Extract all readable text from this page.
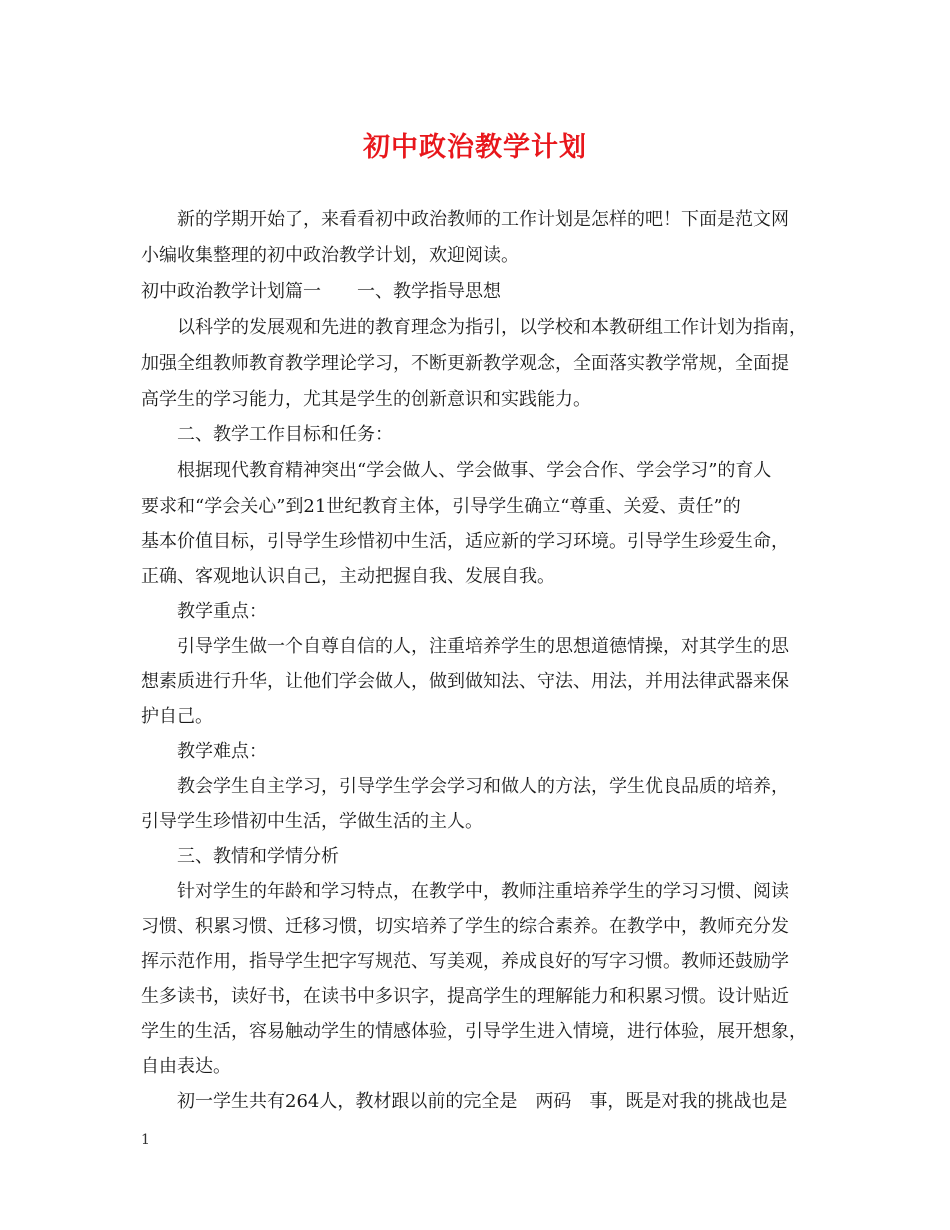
初中政治教学计划
新的学期开始了，来看看初中政治教师的工作计划是怎样的吧！下面是范文网
小编收集整理的初中政治教学计划，欢迎阅读。
初中政治教学计划篇一　　一、教学指导思想
以科学的发展观和先进的教育理念为指引，以学校和本教研组工作计划为指南，
加强全组教师教育教学理论学习，不断更新教学观念，全面落实教学常规，全面提
高学生的学习能力，尤其是学生的创新意识和实践能力。
二、教学工作目标和任务：
根据现代教育精神突出“学会做人、学会做事、学会合作、学会学习”的育人
要求和“学会关心”到21世纪教育主体，引导学生确立“尊重、关爱、责任”的
基本价值目标，引导学生珍惜初中生活，适应新的学习环境。引导学生珍爱生命，
正确、客观地认识自己，主动把握自我、发展自我。
教学重点：
引导学生做一个自尊自信的人，注重培养学生的思想道德情操，对其学生的思
想素质进行升华，让他们学会做人，做到做知法、守法、用法，并用法律武器来保
护自己。
教学难点：
教会学生自主学习，引导学生学会学习和做人的方法，学生优良品质的培养，
引导学生珍惜初中生活，学做生活的主人。
三、教情和学情分析
针对学生的年龄和学习特点，在教学中，教师注重培养学生的学习习惯、阅读
习惯、积累习惯、迁移习惯，切实培养了学生的综合素养。在教学中，教师充分发
挥示范作用，指导学生把字写规范、写美观，养成良好的写字习惯。教师还鼓励学
生多读书，读好书，在读书中多识字，提高学生的理解能力和积累习惯。设计贴近
学生的生活，容易触动学生的情感体验，引导学生进入情境，进行体验，展开想象，
自由表达。
初一学生共有264人，教材跟以前的完全是　两码　事，既是对我的挑战也是
1
